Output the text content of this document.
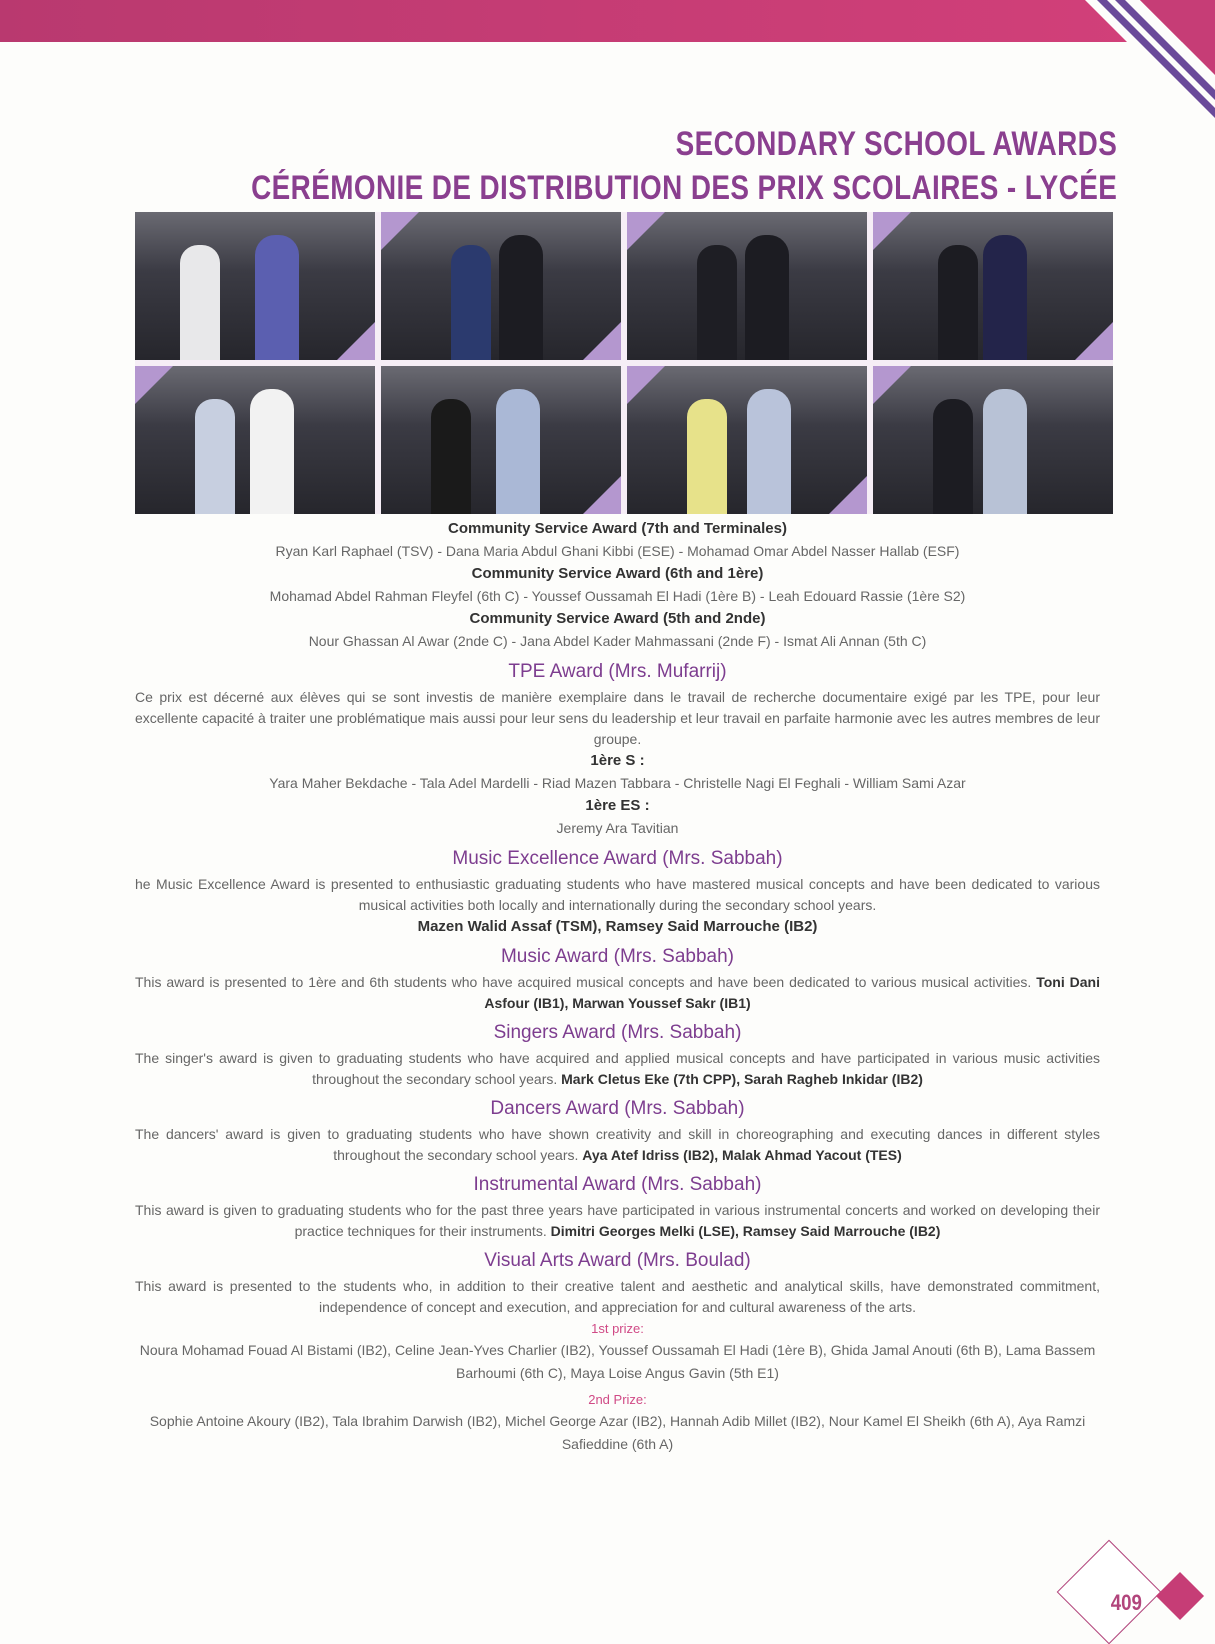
SECONDARY SCHOOL AWARDS
CÉRÉMONIE DE DISTRIBUTION DES PRIX SCOLAIRES - LYCÉE

Community Service Award (7th and Terminales)

Ryan Karl Raphael (TSV) - Dana Maria Abdul Ghani Kibbi (ESE) - Mohamad Omar Abdel Nasser Hallab (ESF)

Community Service Award (6th and 1ère)

Mohamad Abdel Rahman Fleyfel (6th C) - Youssef Oussamah El Hadi (1ère B) - Leah Edouard Rassie (1ère S2)

Community Service Award (5th and 2nde)

Nour Ghassan Al Awar (2nde C) - Jana Abdel Kader Mahmassani (2nde F) - Ismat Ali Annan (5th C)

TPE Award (Mrs. Mufarrij)

Ce prix est décerné aux élèves qui se sont investis de manière exemplaire dans le travail de recherche documentaire exigé par les TPE, pour leur excellente capacité à traiter une problématique mais aussi pour leur sens du leadership et leur travail en parfaite harmonie avec les autres membres de leur groupe.

1ère S :

Yara Maher Bekdache - Tala Adel Mardelli - Riad Mazen Tabbara - Christelle Nagi El Feghali - William Sami Azar

1ère ES :

Jeremy Ara Tavitian

Music Excellence Award (Mrs. Sabbah)

he Music Excellence Award is presented to enthusiastic graduating students who have mastered musical concepts and have been dedicated to various musical activities both locally and internationally during the secondary school years.

Mazen Walid Assaf (TSM), Ramsey Said Marrouche (IB2)

Music Award (Mrs. Sabbah)

This award is presented to 1ère and 6th students who have acquired musical concepts and have been dedicated to various musical activities. Toni Dani Asfour (IB1), Marwan Youssef Sakr (IB1)

Singers Award (Mrs. Sabbah)

The singer's award is given to graduating students who have acquired and applied musical concepts and have participated in various music activities throughout the secondary school years. Mark Cletus Eke (7th CPP), Sarah Ragheb Inkidar (IB2)

Dancers Award (Mrs. Sabbah)

The dancers' award is given to graduating students who have shown creativity and skill in choreographing and executing dances in different styles throughout the secondary school years. Aya Atef Idriss (IB2), Malak Ahmad Yacout (TES)

Instrumental Award (Mrs. Sabbah)

This award is given to graduating students who for the past three years have participated in various instrumental concerts and worked on developing their practice techniques for their instruments. Dimitri Georges Melki (LSE), Ramsey Said Marrouche (IB2)

Visual Arts Award (Mrs. Boulad)

This award is presented to the students who, in addition to their creative talent and aesthetic and analytical skills, have demonstrated commitment, independence of concept and execution, and appreciation for and cultural awareness of the arts.

1st prize:

Noura Mohamad Fouad Al Bistami (IB2), Celine Jean-Yves Charlier (IB2), Youssef Oussamah El Hadi (1ère B), Ghida Jamal Anouti (6th B), Lama Bassem Barhoumi (6th C), Maya Loise Angus Gavin (5th E1)

2nd Prize:

Sophie Antoine Akoury (IB2), Tala Ibrahim Darwish (IB2), Michel George Azar (IB2), Hannah Adib Millet (IB2), Nour Kamel El Sheikh (6th A), Aya Ramzi Safieddine (6th A)

409
